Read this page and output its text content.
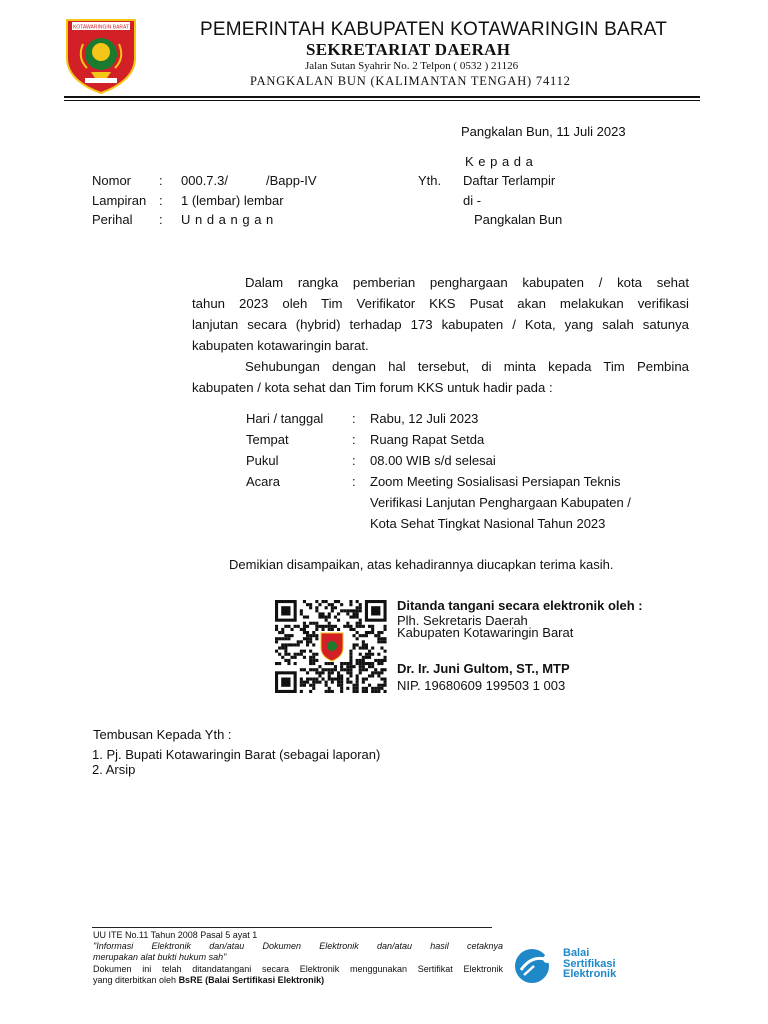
KOTAWARINGIN BARAT	PEMERINTAH KABUPATEN KOTAWARINGIN BARAT
SEKRETARIAT DAERAH
Jalan Sutan Syahrir No. 2 Telpon ( 0532 ) 21126
PANGKALAN BUN (KALIMANTAN TENGAH) 74112
Pangkalan Bun, 11 Juli 2023
K e p a d a
Yth. Daftar Terlampir
di -
Pangkalan Bun
Nomor : 000.7.3/	/Bapp-IV
Lampiran : 1 (lembar) lembar
Perihal : U n d a n g a n
Dalam rangka pemberian penghargaan kabupaten / kota sehat
tahun 2023 oleh Tim Verifikator KKS Pusat akan melakukan verifikasi
lanjutan secara (hybrid) terhadap 173 kabupaten / Kota, yang salah satunya
kabupaten kotawaringin barat.
Sehubungan dengan hal tersebut, di minta kepada Tim Pembina
kabupaten / kota sehat dan Tim forum KKS untuk hadir pada :
Hari / tanggal : Rabu, 12 Juli 2023
Tempat	: Ruang Rapat Setda
Pukul	: 08.00 WIB s/d selesai
Acara	: Zoom Meeting Sosialisasi Persiapan Teknis
Verifikasi Lanjutan Penghargaan Kabupaten /
Kota Sehat Tingkat Nasional Tahun 2023
Demikian disampaikan, atas kehadirannya diucapkan terima kasih.
Ditanda tangani secara elektronik oleh :
Plh. Sekretaris Daerah
Kabupaten Kotawaringin Barat
Dr. Ir. Juni Gultom, ST., MTP
NIP. 19680609 199503 1 003
Tembusan Kepada Yth :
1. Pj. Bupati Kotawaringin Barat (sebagai laporan)
2. Arsip
UU ITE No.11 Tahun 2008 Pasal 5 ayat 1
"Informasi Elektronik dan/atau Dokumen Elektronik dan/atau hasil cetaknya
merupakan alat bukti hukum sah"
Dokumen ini telah ditandatangani secara Elektronik menggunakan Sertifikat Elektronik
yang diterbitkan oleh BsRE (Balai Sertifikasi Elektronik)
Balai
Sertifikasi
Elektronik
